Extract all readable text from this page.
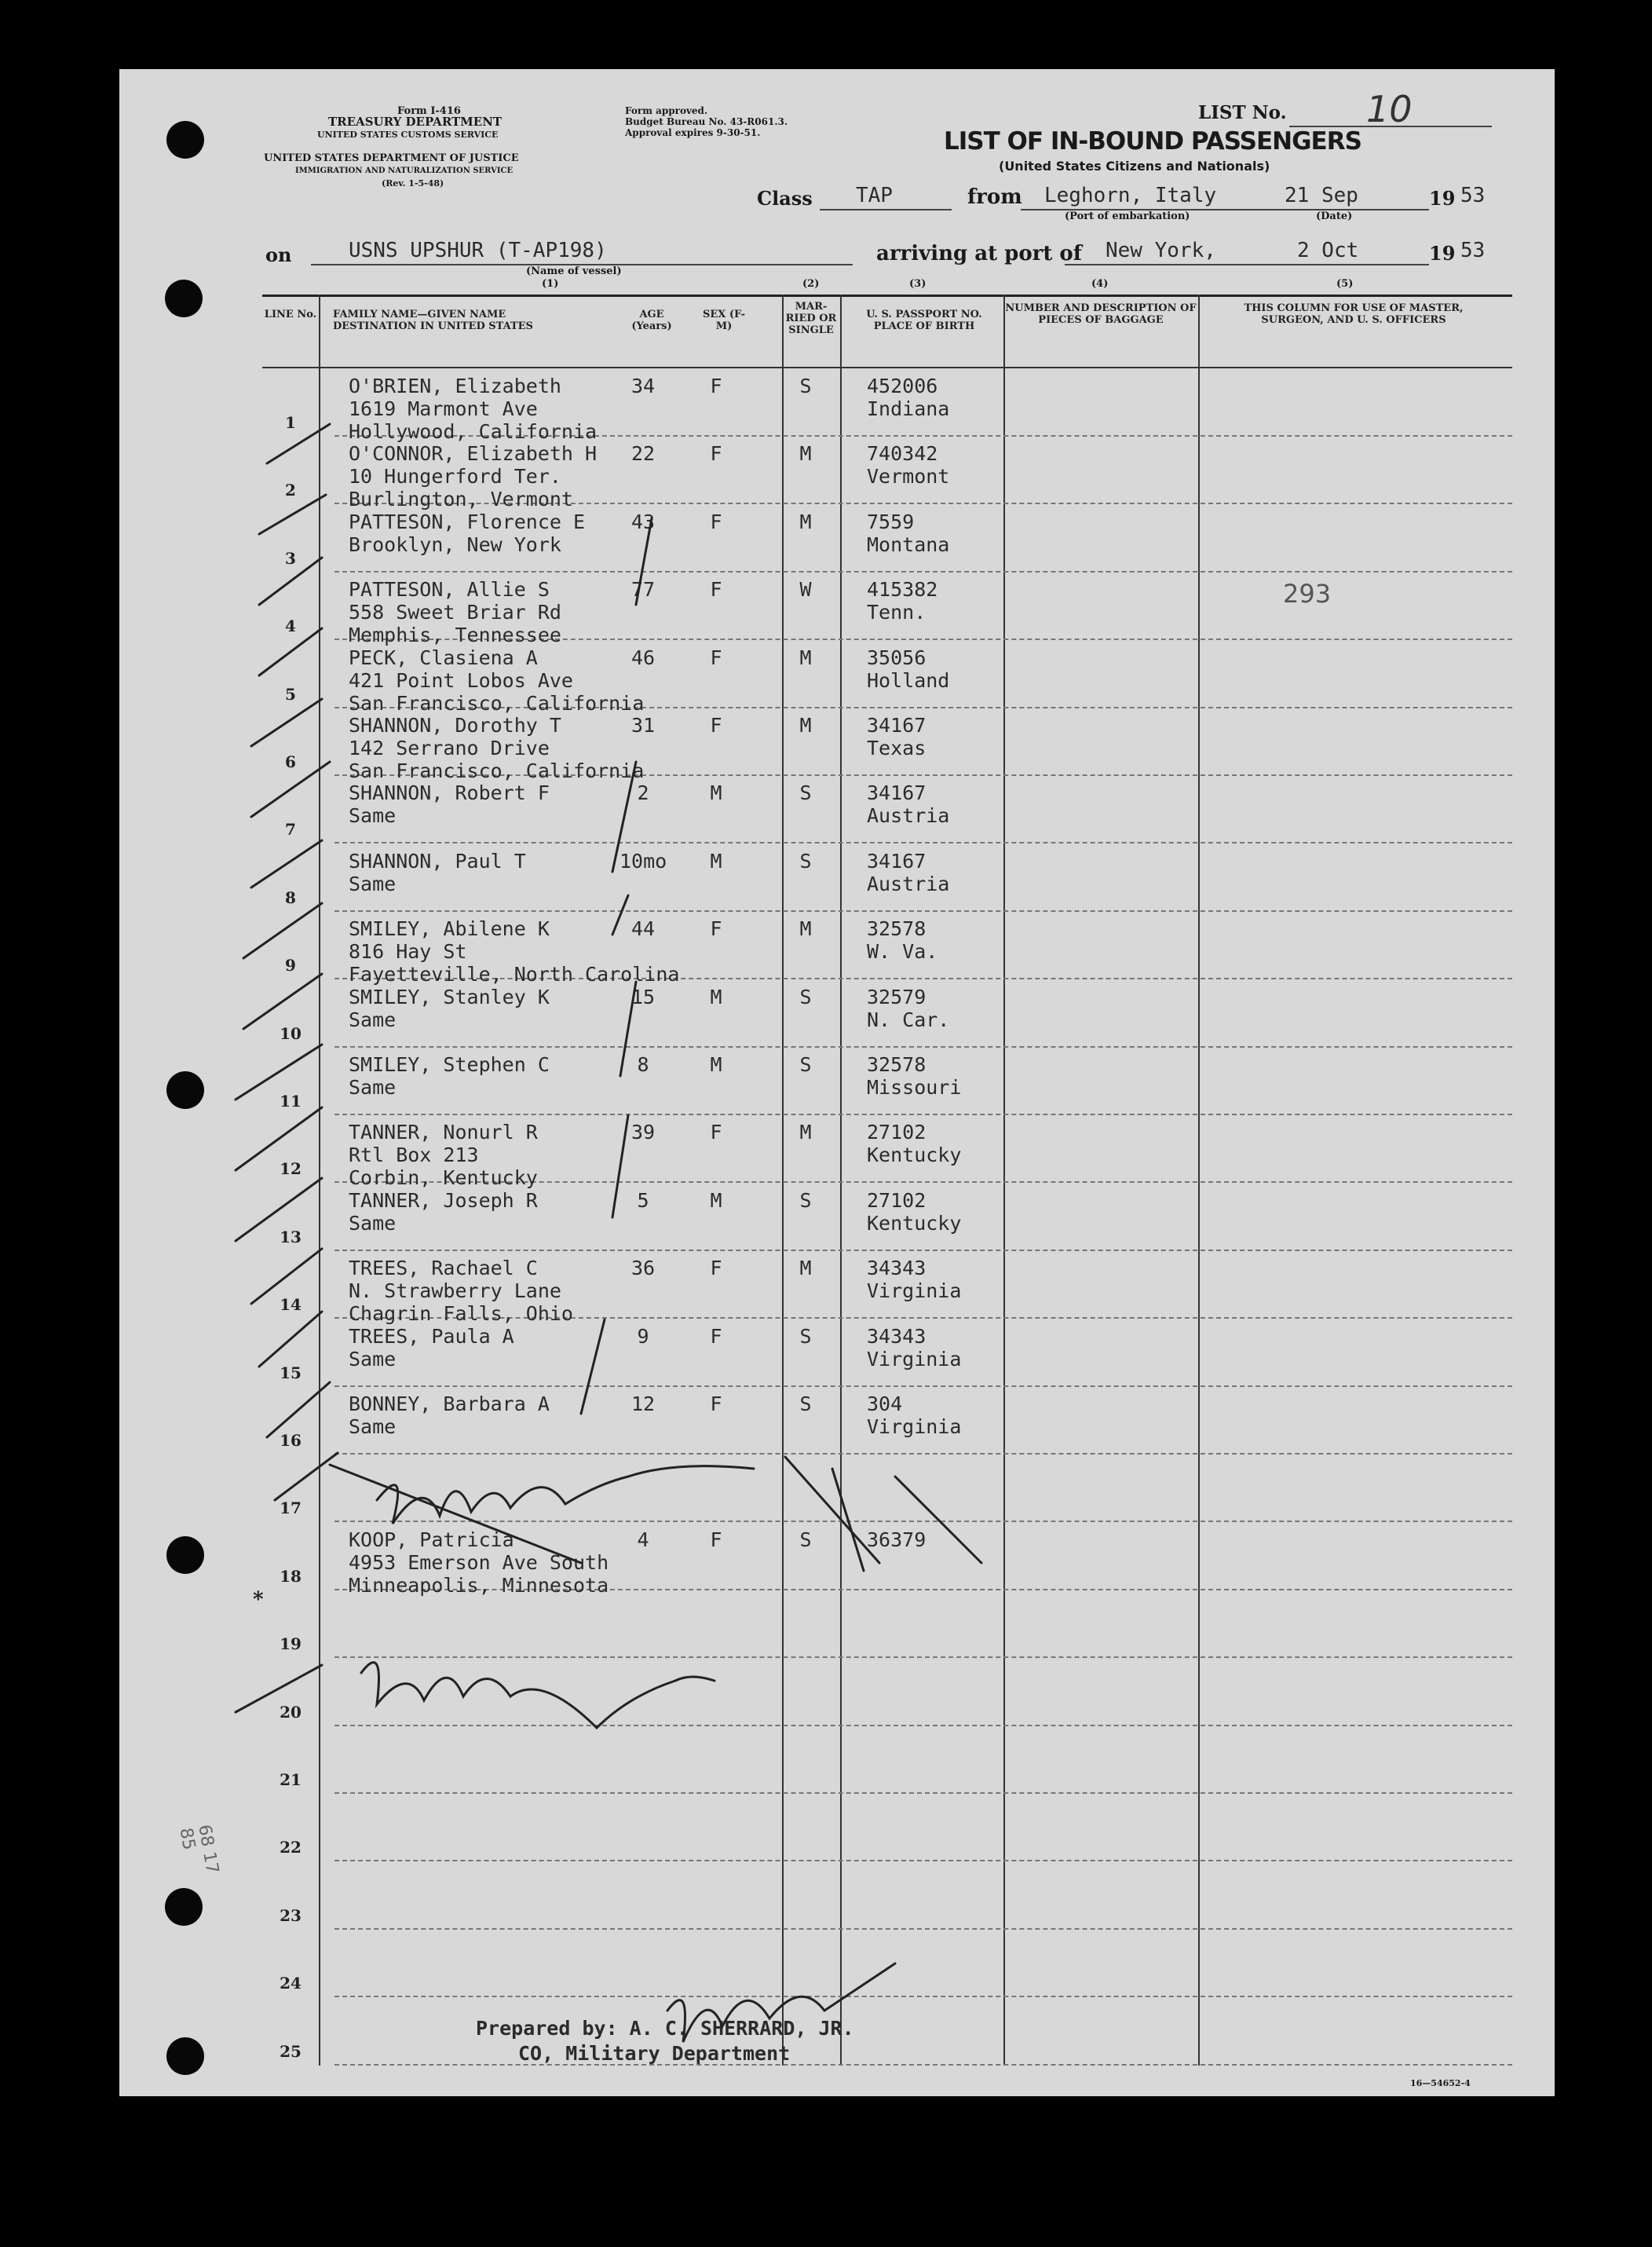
Form I-416
TREASURY DEPARTMENT
UNITED STATES CUSTOMS SERVICE
UNITED STATES DEPARTMENT OF JUSTICE
IMMIGRATION AND NATURALIZATION SERVICE
(Rev. 1-5-48)
Form approved.
Budget Bureau No. 43-R061.3.
Approval expires 9-30-51.
LIST No. 10
LIST OF IN-BOUND PASSENGERS
(United States Citizens and Nationals)
Class TAP	from Leghorn, Italy	21 Sep	19 53
(Port of embarkation)	(Date)
on	USNS UPSHUR (T-AP198)
(Name of vessel)
arriving at port of New York,	2 Oct	19 53
(1)	(2)	(3)	(4)	(5)
LINE No. FAMILY NAME—GIVEN NAME DESTINATION IN UNITED STATES
AGE (Years)
SEX (F-M)
MAR-RIED OR SINGLE
U. S. PASSPORT NO. PLACE OF BIRTH
NUMBER AND DESCRIPTION OF PIECES OF BAGGAGE
THIS COLUMN FOR USE OF MASTER, SURGEON, AND U. S. OFFICERS
1
O'BRIEN, Elizabeth
1619 Marmont Ave
Hollywood, California
34	F	S	452006
Indiana
2
O'CONNOR, Elizabeth H
10 Hungerford Ter.
Burlington, Vermont
22	F	M	740342
Vermont
3
PATTESON, Florence E
Brooklyn, New York
43	F	M	7559
Montana
4
PATTESON, Allie S
558 Sweet Briar Rd
Memphis, Tennessee
77	F	W	415382
Tenn.
293
5
PECK, Clasiena A
421 Point Lobos Ave
San Francisco, California
46	F	M	35056
Holland
6
SHANNON, Dorothy T
142 Serrano Drive
San Francisco, California
31	F	M	34167
Texas
7
SHANNON, Robert F
Same
2	M	S	34167
Austria
8
SHANNON, Paul T
Same
10mo	M	S	34167
Austria
9
SMILEY, Abilene K
816 Hay St
Fayetteville, North Carolina
44	F	M	32578
W. Va.
10
SMILEY, Stanley K
Same
15	M	S	32579
N. Car.
11
SMILEY, Stephen C
Same
8	M	S	32578
Missouri
12
TANNER, Nonurl R
Rtl Box 213
Corbin, Kentucky
39	F	M	27102
Kentucky
13
TANNER, Joseph R
Same
5	M	S	27102
Kentucky
14
TREES, Rachael C
N. Strawberry Lane
Chagrin Falls, Ohio
36	F	M	34343
Virginia
15
TREES, Paula A
Same
9	F	S	34343
Virginia
16
BONNEY, Barbara A
Same
12	F	S	304
Virginia
17
18
KOOP, Patricia
4953 Emerson Ave South
Minneapolis, Minnesota
4	F	S	36379
19
20
21
22
23
24
25
Prepared by: A. C. SHERRARD, JR.
CO, Military Department
68 17 85
*
16—54652-4
